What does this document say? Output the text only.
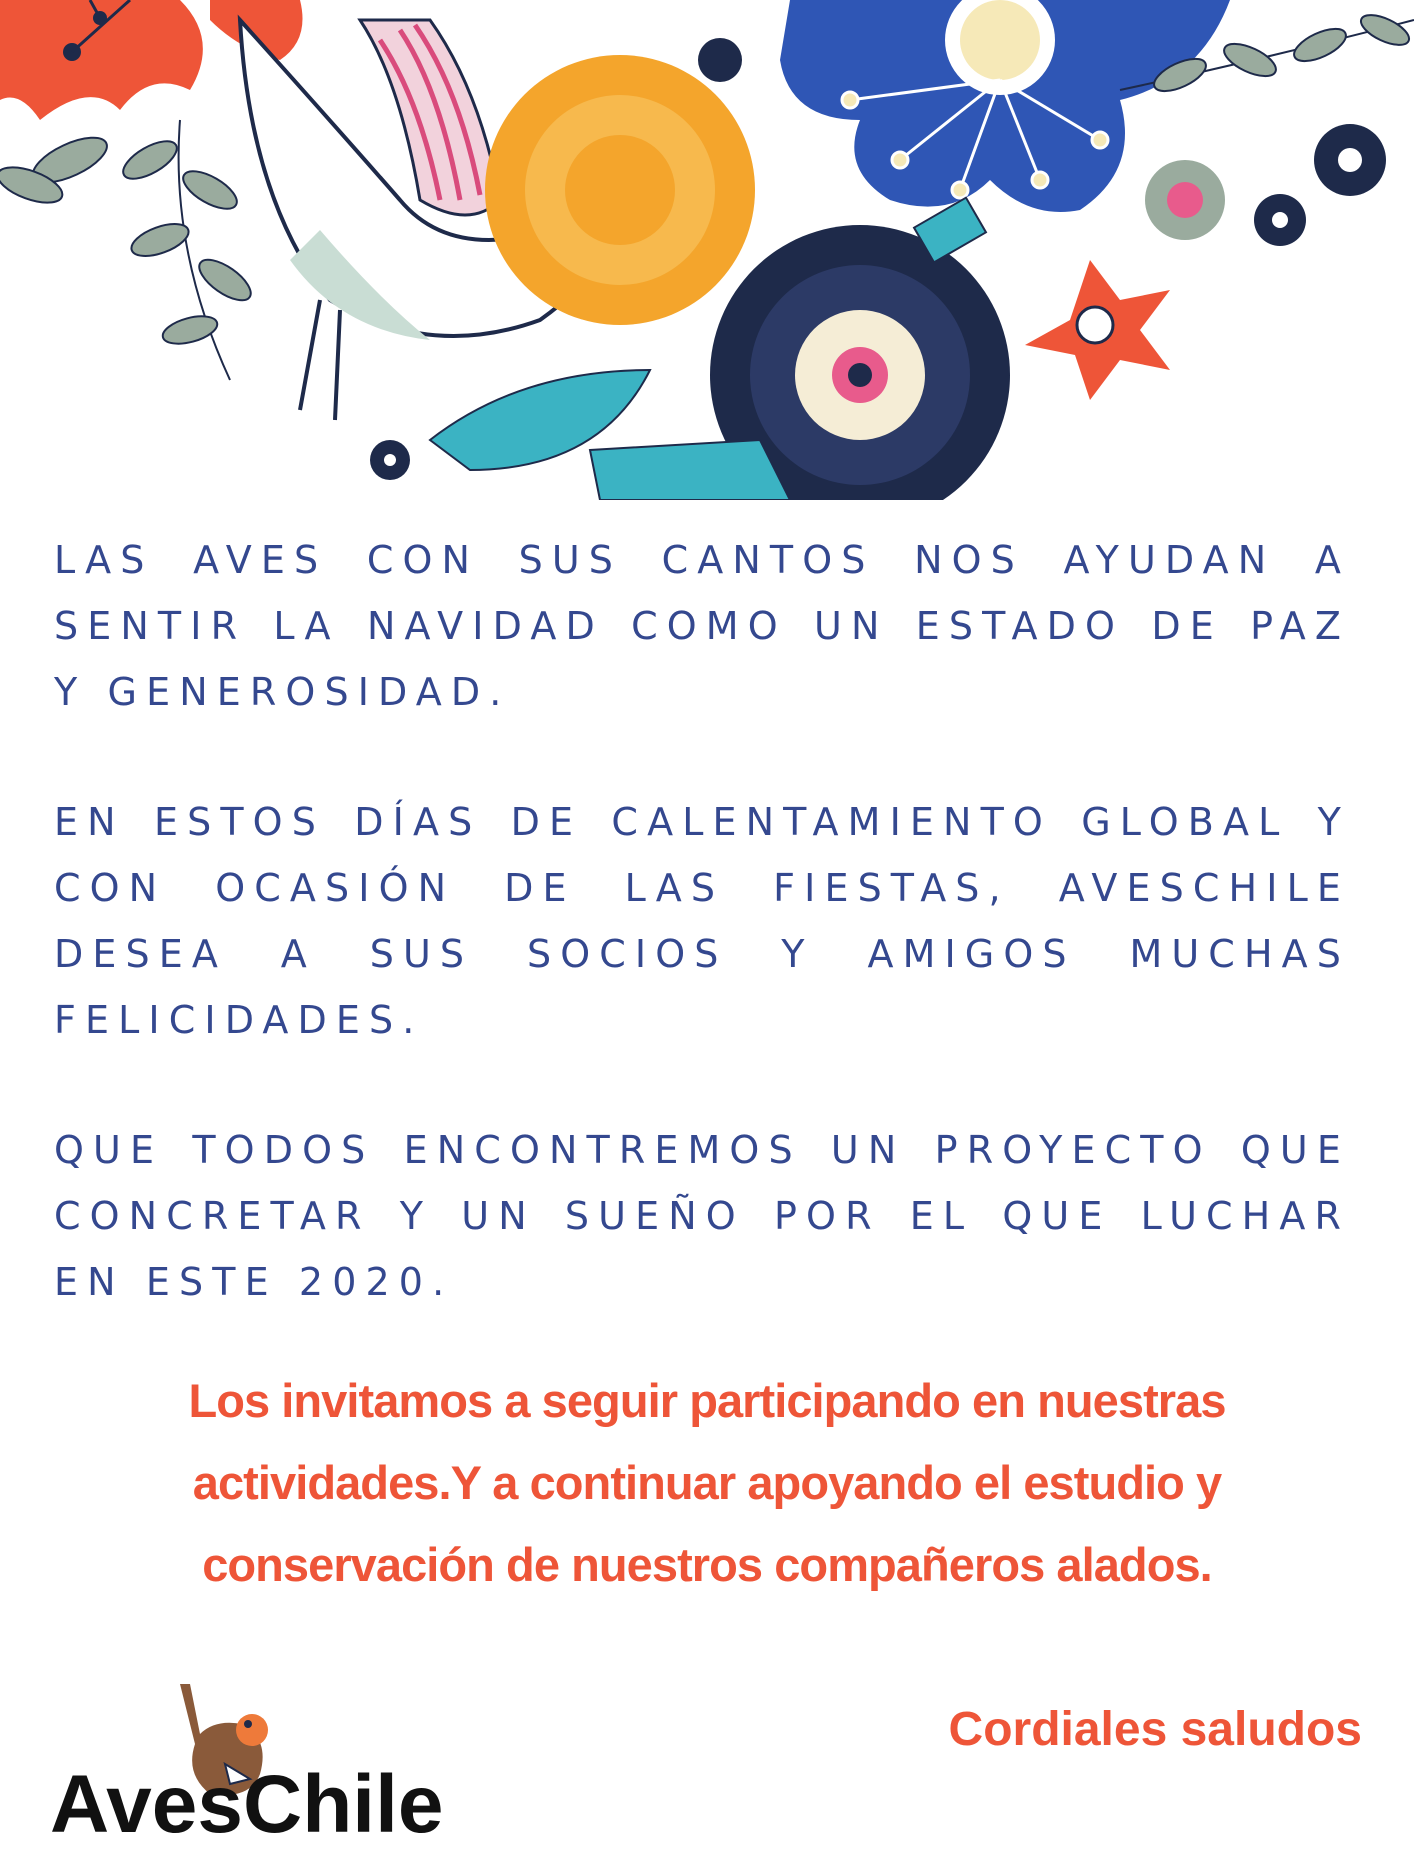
LAS AVES CON SUS CANTOS NOS AYUDAN A SENTIR LA NAVIDAD COMO UN ESTADO DE PAZ Y GENEROSIDAD.
EN ESTOS DÍAS DE CALENTAMIENTO GLOBAL Y CON OCASIÓN DE LAS FIESTAS, AVESCHILE DESEA A SUS SOCIOS Y AMIGOS MUCHAS FELICIDADES.
QUE TODOS ENCONTREMOS UN PROYECTO QUE CONCRETAR Y UN SUEÑO POR EL QUE LUCHAR EN ESTE 2020.
Los invitamos a seguir participando en nuestras actividades.Y a continuar apoyando el estudio y conservación de nuestros compañeros alados.
AvesChile
Cordiales saludos
